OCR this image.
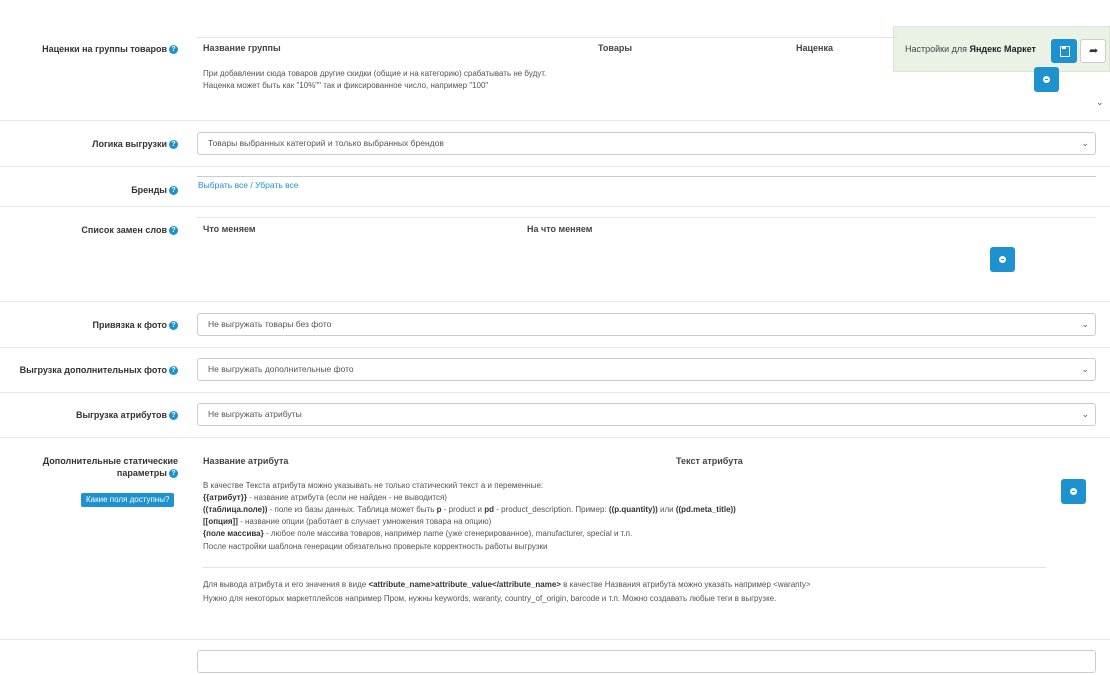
Настройки для Яндекс Маркет	➦
Наценки на группы товаров ?	Название группы	Товары	Наценка
При добавлении сюда товаров другие скидки (общие и на категорию) срабатывать не будут.
Наценка может быть как "10%"" так и фиксированное число, например "100"
⌄
Логика выгрузки ?	Товары выбранных категорий и только выбранных брендов	⌄
Бренды ?
Выбрать все / Убрать все
Список замен слов ?	Что меняем	На что меняем
Привязка к фото ?	Не выгружать товары без фото	⌄
Выгрузка дополнительных фото ?	Не выгружать дополнительные фото	⌄
Выгрузка атрибутов ?	Не выгружать атрибуты	⌄
Дополнительные статические параметры ?
Какие поля доступны?
Название атрибута	Текст атрибута
В качестве Текста атрибута можно указывать не только статический текст а и переменные:
{{атрибут}} - название атрибута (если не найден - не выводится)
((таблица.поле)) - поле из базы данных. Таблица может быть p - product и pd - product_description. Пример: ((p.quantity)) или ((pd.meta_title))
[[опция]] - название опции (работает в случает умножения товара на опцию)
{поле массива} - любое поле массива товаров, например name (уже сгенерированное), manufacturer, special и т.п.
После настройки шаблона генерации обязательно проверьте корректность работы выгрузки
Для вывода атрибута и его значения в виде <attribute_name>attribute_value</attribute_name> в качестве Названия атрибута можно указать например <waranty>
Нужно для некоторых маркетплейсов например Пром, нужны keywords, waranty, country_of_origin, barcode и т.п. Можно создавать любые теги в выгрузке.
